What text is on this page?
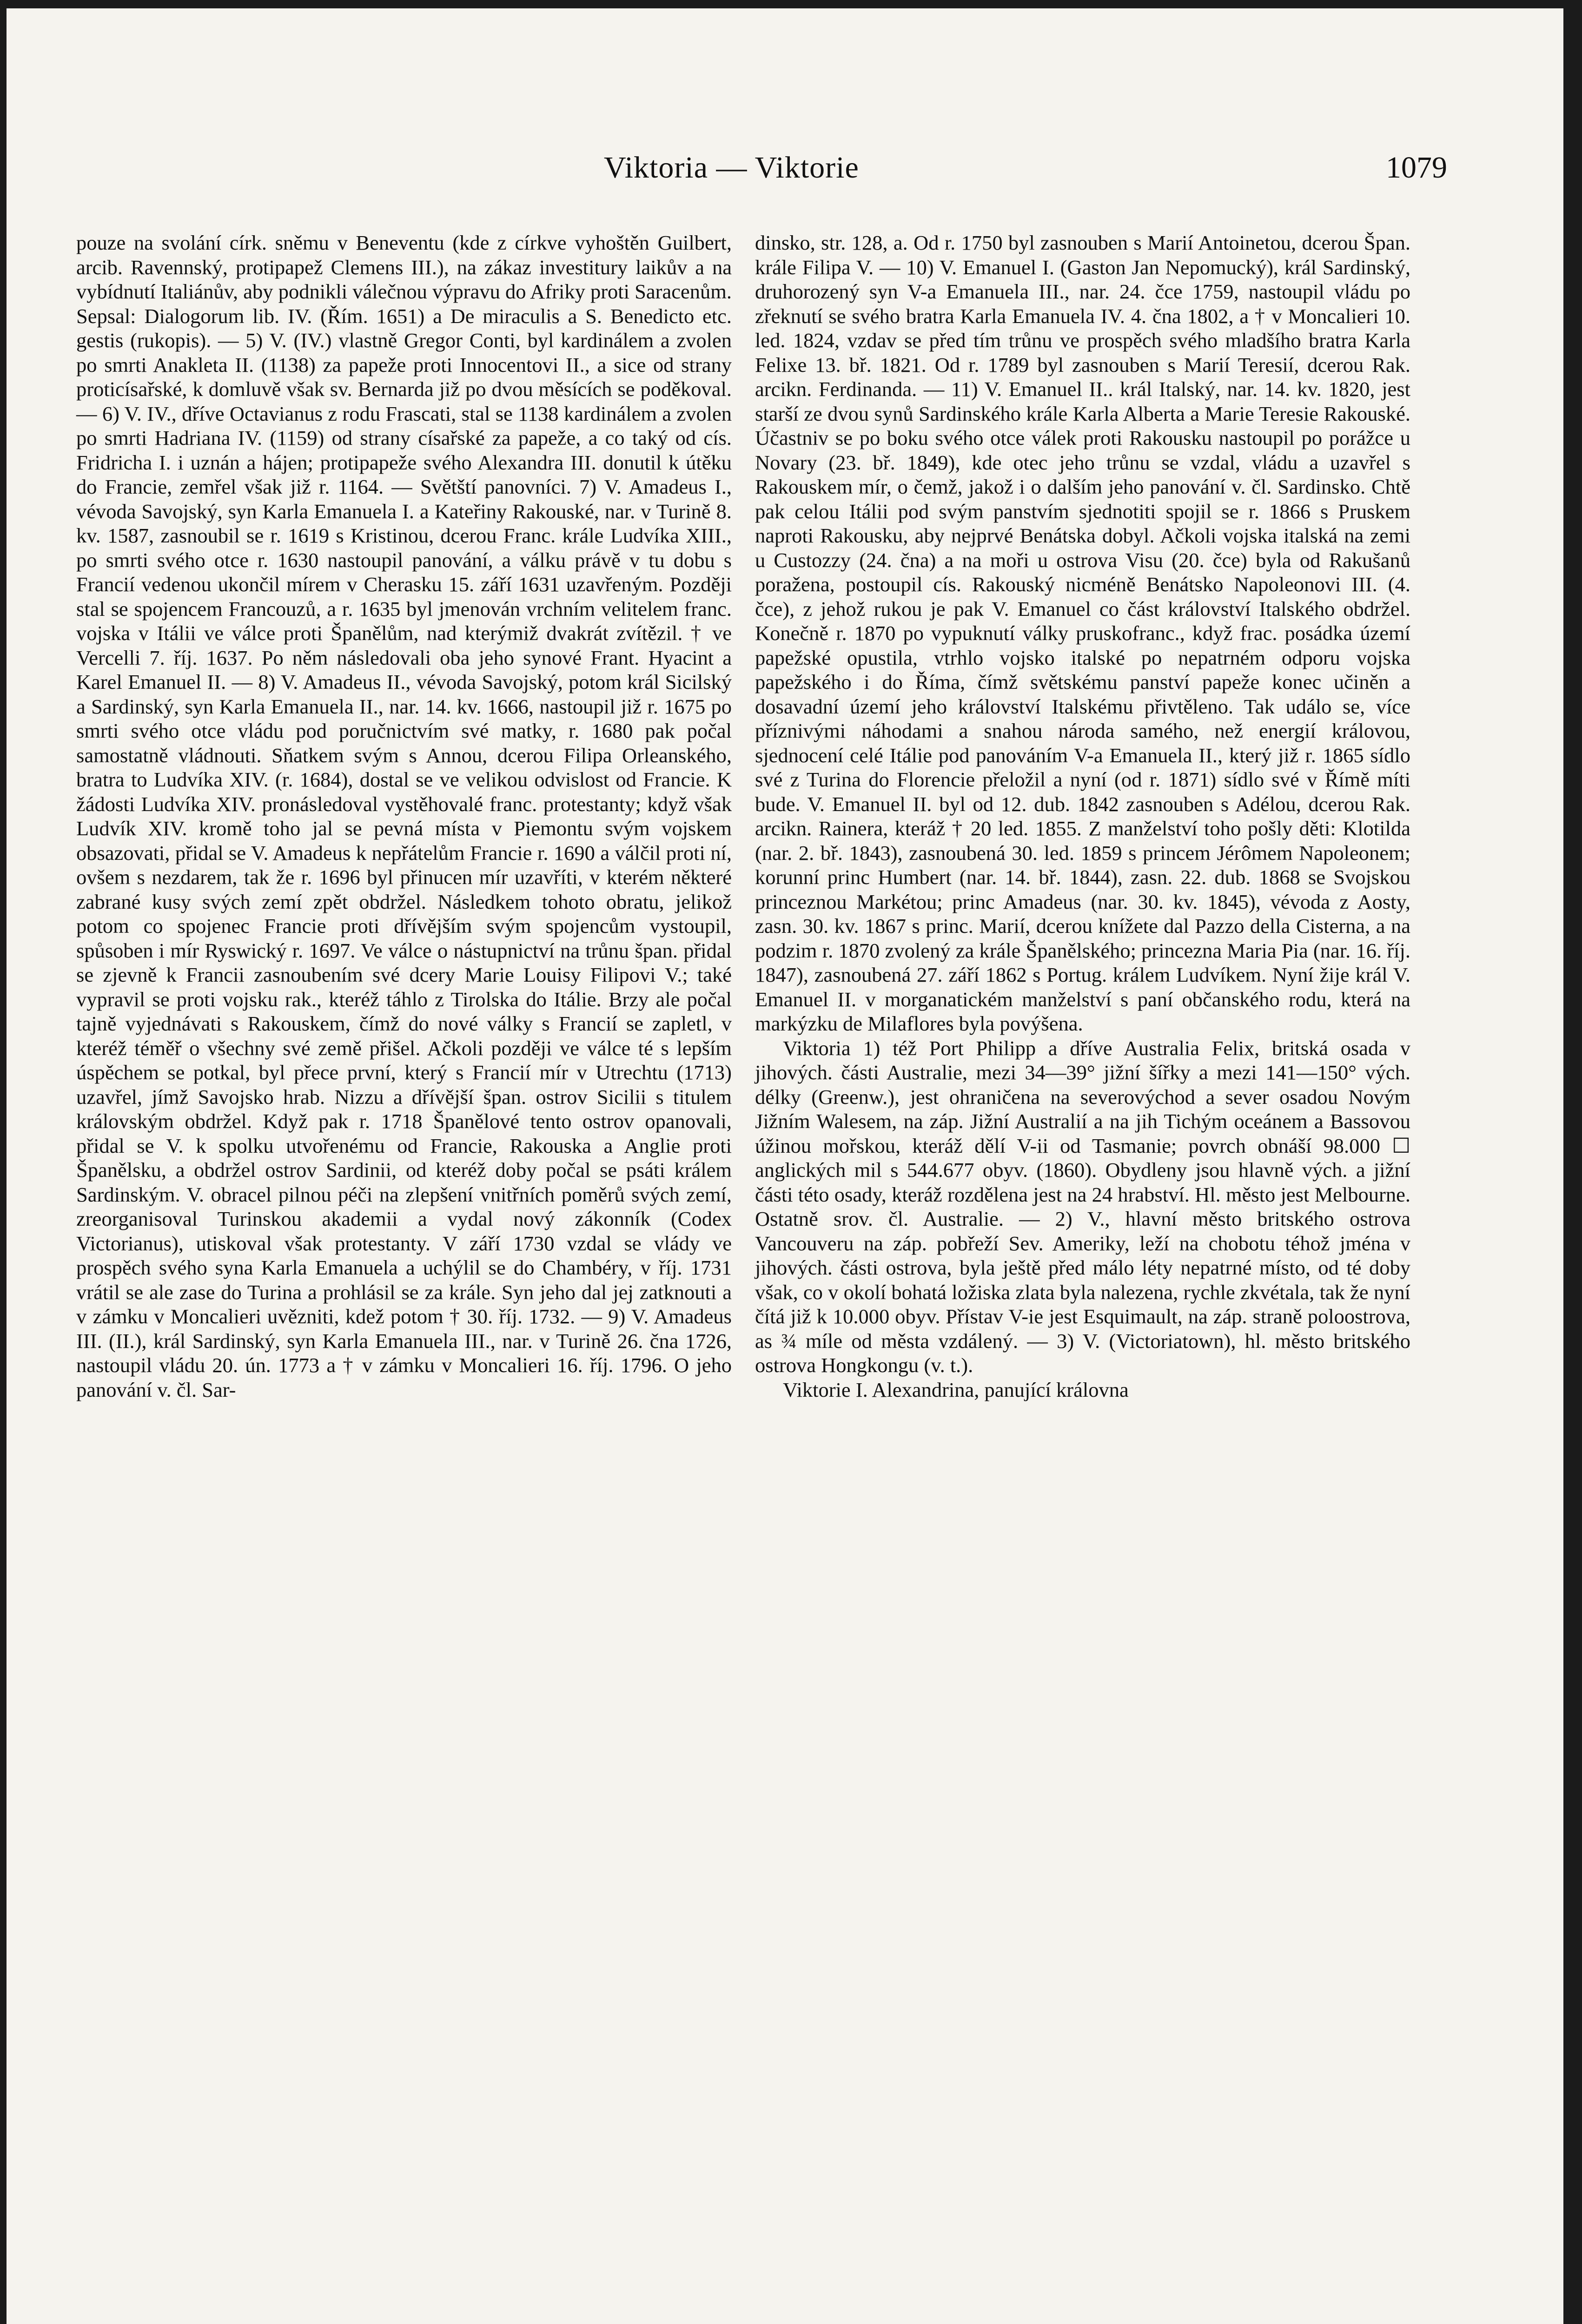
Viktoria — Viktorie	1079

pouze na svolání círk. sněmu v Beneventu (kde z církve vyhoštěn Guilbert, arcib. Ravennský, protipapež Clemens III.), na zákaz investitury laikův a na vybídnutí Italiánův, aby podnikli válečnou výpravu do Afriky proti Saracenům. Sepsal: Dialogorum lib. IV. (Řím. 1651) a De miraculis a S. Benedicto etc. gestis (rukopis). — 5) V. (IV.) vlastně Gregor Conti, byl kardinálem a zvolen po smrti Anakleta II. (1138) za papeže proti Innocentovi II., a sice od strany proticísařské, k domluvě však sv. Bernarda již po dvou měsících se poděkoval. — 6) V. IV., dříve Octavianus z rodu Frascati, stal se 1138 kardinálem a zvolen po smrti Hadriana IV. (1159) od strany císařské za papeže, a co taký od cís. Fridricha I. i uznán a hájen; protipapeže svého Alexandra III. donutil k útěku do Francie, zemřel však již r. 1164. — Světští panovníci. 7) V. Amadeus I., vévoda Savojský, syn Karla Emanuela I. a Kateřiny Rakouské, nar. v Turině 8. kv. 1587, zasnoubil se r. 1619 s Kristinou, dcerou Franc. krále Ludvíka XIII., po smrti svého otce r. 1630 nastoupil panování, a válku právě v tu dobu s Francií vedenou ukončil mírem v Cherasku 15. září 1631 uzavřeným. Později stal se spojencem Francouzů, a r. 1635 byl jmenován vrchním velitelem franc. vojska v Itálii ve válce proti Španělům, nad kterýmiž dvakrát zvítězil. † ve Vercelli 7. říj. 1637. Po něm následovali oba jeho synové Frant. Hyacint a Karel Emanuel II. — 8) V. Amadeus II., vévoda Savojský, potom král Sicilský a Sardinský, syn Karla Emanuela II., nar. 14. kv. 1666, nastoupil již r. 1675 po smrti svého otce vládu pod poručnictvím své matky, r. 1680 pak počal samostatně vládnouti. Sňatkem svým s Annou, dcerou Filipa Orleanského, bratra to Ludvíka XIV. (r. 1684), dostal se ve velikou odvislost od Francie. K žádosti Ludvíka XIV. pronásledoval vystěhovalé franc. protestanty; když však Ludvík XIV. kromě toho jal se pevná místa v Piemontu svým vojskem obsazovati, přidal se V. Amadeus k nepřátelům Francie r. 1690 a válčil proti ní, ovšem s nezdarem, tak že r. 1696 byl přinucen mír uzavříti, v kterém některé zabrané kusy svých zemí zpět obdržel. Následkem tohoto obratu, jelikož potom co spojenec Francie proti dřívějším svým spojencům vystoupil, spůsoben i mír Ryswický r. 1697. Ve válce o nástupnictví na trůnu špan. přidal se zjevně k Francii zasnoubením své dcery Marie Louisy Filipovi V.; také vypravil se proti vojsku rak., kteréž táhlo z Tirolska do Itálie. Brzy ale počal tajně vyjednávati s Rakouskem, čímž do nové války s Francií se zapletl, v kteréž téměř o všechny své země přišel. Ačkoli později ve válce té s lepším úspěchem se potkal, byl přece první, který s Francií mír v Utrechtu (1713) uzavřel, jímž Savojsko hrab. Nizzu a dřívější špan. ostrov Sicilii s titulem královským obdržel. Když pak r. 1718 Španělové tento ostrov opanovali, přidal se V. k spolku utvořenému od Francie, Rakouska a Anglie proti Španělsku, a obdržel ostrov Sardinii, od kteréž doby počal se psáti králem Sardinským. V. obracel pilnou péči na zlepšení vnitřních poměrů svých zemí, zreorganisoval Turinskou akademii a vydal nový zákonník (Codex Victorianus), utiskoval však protestanty. V září 1730 vzdal se vlády ve prospěch svého syna Karla Emanuela a uchýlil se do Chambéry, v říj. 1731 vrátil se ale zase do Turina a prohlásil se za krále. Syn jeho dal jej zatknouti a v zámku v Moncalieri uvězniti, kdež potom † 30. říj. 1732. — 9) V. Amadeus III. (II.), král Sardinský, syn Karla Emanuela III., nar. v Turině 26. čna 1726, nastoupil vládu 20. ún. 1773 a † v zámku v Moncalieri 16. říj. 1796. O jeho panování v. čl. Sar-

dinsko, str. 128, a. Od r. 1750 byl zasnouben s Marií Antoinetou, dcerou Špan. krále Filipa V. — 10) V. Emanuel I. (Gaston Jan Nepomucký), král Sardinský, druhorozený syn V-a Emanuela III., nar. 24. čce 1759, nastoupil vládu po zřeknutí se svého bratra Karla Emanuela IV. 4. čna 1802, a † v Moncalieri 10. led. 1824, vzdav se před tím trůnu ve prospěch svého mladšího bratra Karla Felixe 13. bř. 1821. Od r. 1789 byl zasnouben s Marií Teresií, dcerou Rak. arcikn. Ferdinanda. — 11) V. Emanuel II.. král Italský, nar. 14. kv. 1820, jest starší ze dvou synů Sardinského krále Karla Alberta a Marie Teresie Rakouské. Účastniv se po boku svého otce válek proti Rakousku nastoupil po porážce u Novary (23. bř. 1849), kde otec jeho trůnu se vzdal, vládu a uzavřel s Rakouskem mír, o čemž, jakož i o dalším jeho panování v. čl. Sardinsko. Chtě pak celou Itálii pod svým panstvím sjednotiti spojil se r. 1866 s Pruskem naproti Rakousku, aby nejprvé Benátska dobyl. Ačkoli vojska italská na zemi u Custozzy (24. čna) a na moři u ostrova Visu (20. čce) byla od Rakušanů poražena, postoupil cís. Rakouský nicméně Benátsko Napoleonovi III. (4. čce), z jehož rukou je pak V. Emanuel co část království Italského obdržel. Konečně r. 1870 po vypuknutí války pruskofranc., když frac. posádka území papežské opustila, vtrhlo vojsko italské po nepatrném odporu vojska papežského i do Říma, čímž světskému panství papeže konec učiněn a dosavadní území jeho království Italskému přivtěleno. Tak událo se, více příznivými náhodami a snahou národa samého, než energií královou, sjednocení celé Itálie pod panováním V-a Emanuela II., který již r. 1865 sídlo své z Turina do Florencie přeložil a nyní (od r. 1871) sídlo své v Římě míti bude. V. Emanuel II. byl od 12. dub. 1842 zasnouben s Adélou, dcerou Rak. arcikn. Rainera, kteráž † 20 led. 1855. Z manželství toho pošly děti: Klotilda (nar. 2. bř. 1843), zasnoubená 30. led. 1859 s princem Jérômem Napoleonem; korunní princ Humbert (nar. 14. bř. 1844), zasn. 22. dub. 1868 se Svojskou princeznou Markétou; princ Amadeus (nar. 30. kv. 1845), vévoda z Aosty, zasn. 30. kv. 1867 s princ. Marií, dcerou knížete dal Pazzo della Cisterna, a na podzim r. 1870 zvolený za krále Španělského; princezna Maria Pia (nar. 16. říj. 1847), zasnoubená 27. září 1862 s Portug. králem Ludvíkem. Nyní žije král V. Emanuel II. v morganatickém manželství s paní občanského rodu, která na markýzku de Milaflores byla povýšena.

Viktoria 1) též Port Philipp a dříve Australia Felix, britská osada v jihových. části Australie, mezi 34—39° jižní šířky a mezi 141—150° vých. délky (Greenw.), jest ohraničena na severovýchod a sever osadou Novým Jižním Walesem, na záp. Jižní Australií a na jih Tichým oceánem a Bassovou úžinou mořskou, kteráž dělí V-ii od Tasmanie; povrch obnáší 98.000 ☐ anglických mil s 544.677 obyv. (1860). Obydleny jsou hlavně vých. a jižní části této osady, kteráž rozdělena jest na 24 hrabství. Hl. město jest Melbourne. Ostatně srov. čl. Australie. — 2) V., hlavní město britského ostrova Vancouveru na záp. pobřeží Sev. Ameriky, leží na chobotu téhož jména v jihových. části ostrova, byla ještě před málo léty nepatrné místo, od té doby však, co v okolí bohatá ložiska zlata byla nalezena, rychle zkvétala, tak že nyní čítá již k 10.000 obyv. Přístav V-ie jest Esquimault, na záp. straně poloostrova, as ¾ míle od města vzdálený. — 3) V. (Victoriatown), hl. město britského ostrova Hongkongu (v. t.).

Viktorie I. Alexandrina, panující královna
